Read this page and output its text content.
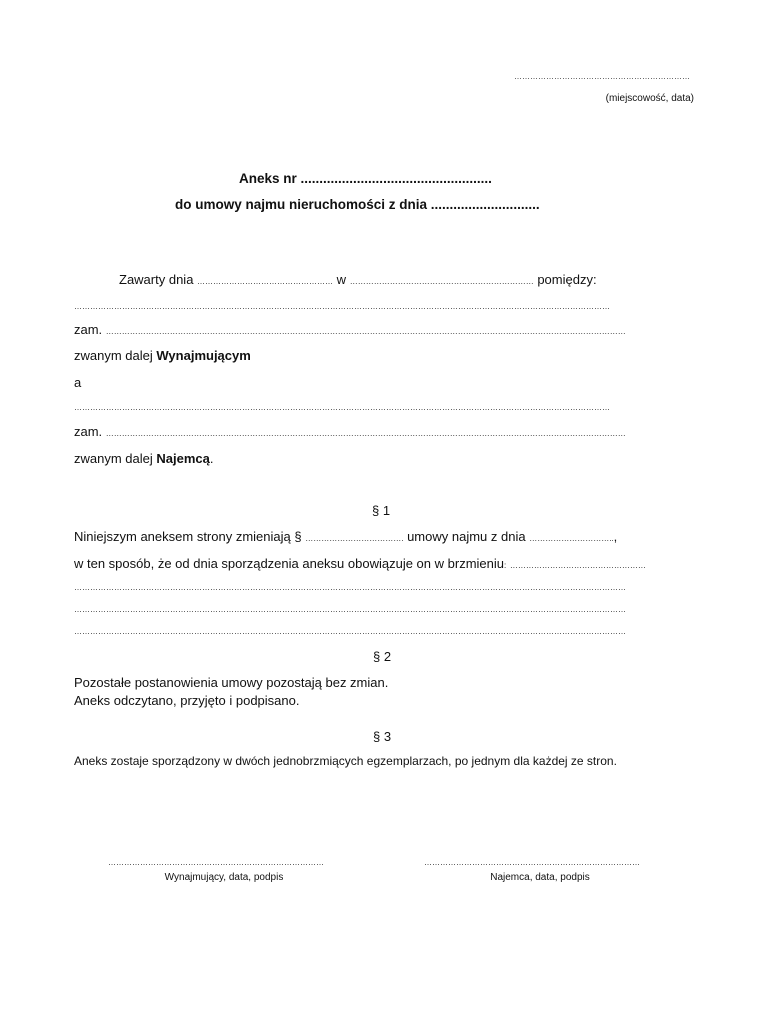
…………………………………………………………
(miejscowość, data)
Aneks nr ...................................................
do umowy najmu nieruchomości z dnia .............................
Zawarty dnia …………………………………………… w …………………………………………………………… pomiędzy:
…………………………………………………………………………………………………………………………………………………………………………………
zam. ……………………………………………………………………………………………………………………………………………………………………………
zwanym dalej Wynajmującym
a
…………………………………………………………………………………………………………………………………………………………………………………
zam. ……………………………………………………………………………………………………………………………………………………………………………
zwanym dalej Najemcą.
§ 1
Niniejszym aneksem strony zmieniają § ………………………………. umowy najmu z dnia …………………………..,
w ten sposób, że od dnia sporządzenia aneksu obowiązuje on w brzmieniu: ……………………………………………
………………………………………………………………………………………………………………………………………………………………………………………
………………………………………………………………………………………………………………………………………………………………………………………
………………………………………………………………………………………………………………………………………………………………………………………
§ 2
Pozostałe postanowienia umowy pozostają bez zmian.
Aneks odczytano, przyjęto i podpisano.
§ 3
Aneks zostaje sporządzony w dwóch jednobrzmiących egzemplarzach, po jednym dla każdej ze stron.
………………………………………………………………………
Wynajmujący, data, podpis
………………………………………………………………………
Najemca, data, podpis
